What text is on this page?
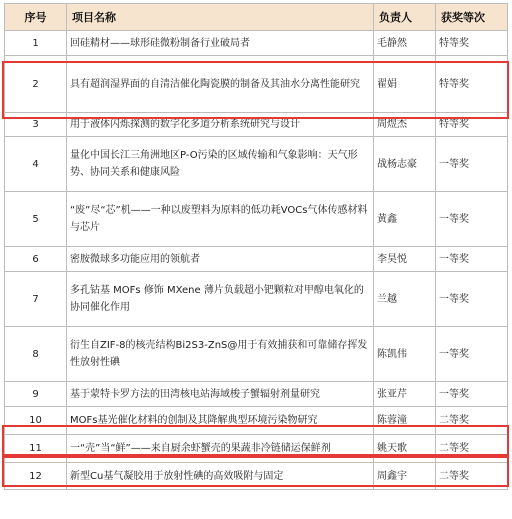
序号	项目名称	负责人	获奖等次
1	回硅精材——球形硅微粉制备行业破局者	毛静然	特等奖
2	具有超润湿界面的自清洁催化陶瓷膜的制备及其油水分离性能研究	翟娟	特等奖
3	用于液体闪烁探测的数字化多道分析系统研究与设计	周煜杰	特等奖
4	量化中国长江三角洲地区P-O污染的区域传输和气象影响：天气形势、协同关系和健康风险	战杨志豪	一等奖
5	“废”尽“芯”机——一种以废塑料为原料的低功耗VOCs气体传感材料与芯片	黄鑫	一等奖
6	密胺微球多功能应用的领航者	李昊悦	一等奖
7	多孔钴基 MOFs 修饰 MXene 薄片负载超小钯颗粒对甲醇电氧化的协同催化作用	兰越	一等奖
8	衍生自ZIF-8的核壳结构Bi2S3-ZnS@用于有效捕获和可靠储存挥发性放射性碘	陈凯伟	一等奖
9	基于蒙特卡罗方法的田湾核电站海域梭子蟹辐射剂量研究	张亚芹	一等奖
10	MOFs基光催化材料的创制及其降解典型环境污染物研究	陈蓉潼	二等奖
11	一“壳”当“鲜”——来自厨余虾蟹壳的果蔬非冷链储运保鲜剂	姚天歌	二等奖
12	新型Cu基气凝胶用于放射性碘的高效吸附与固定	周鑫宇	二等奖
